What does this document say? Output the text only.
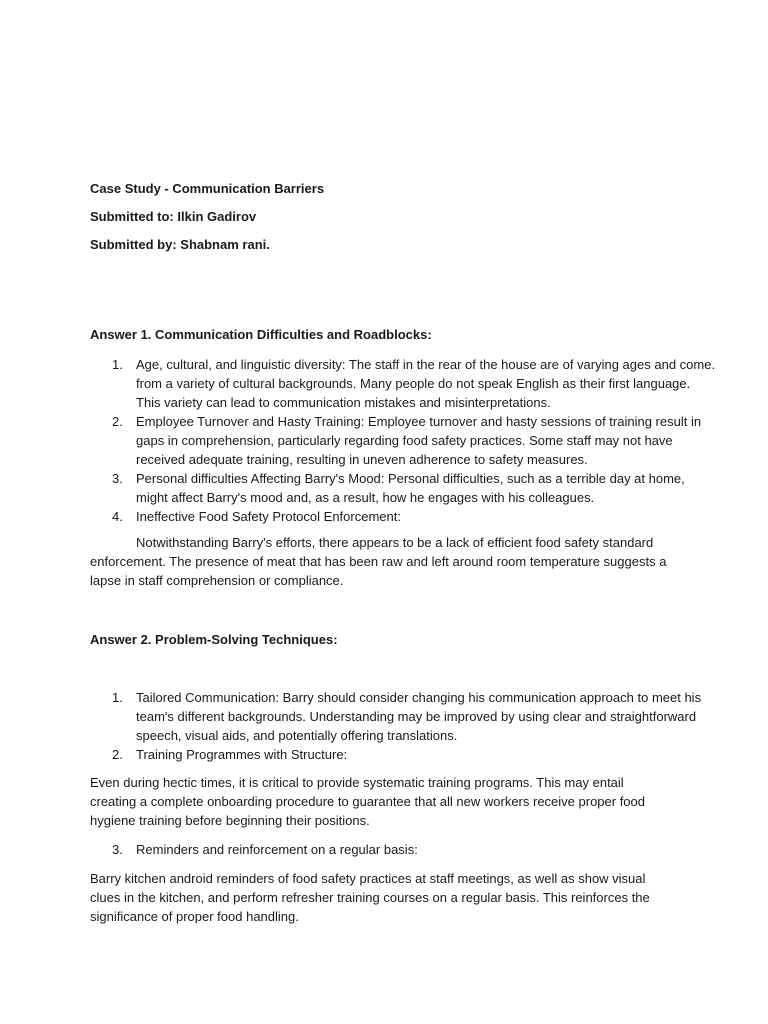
Case Study - Communication Barriers

Submitted to: Ilkin Gadirov

Submitted by: Shabnam rani.

Answer 1. Communication Difficulties and Roadblocks:

1.	Age, cultural, and linguistic diversity: The staff in the rear of the house are of varying ages and come. from a variety of cultural backgrounds. Many people do not speak English as their first language. This variety can lead to communication mistakes and misinterpretations.
2.	Employee Turnover and Hasty Training: Employee turnover and hasty sessions of training result in gaps in comprehension, particularly regarding food safety practices. Some staff may not have received adequate training, resulting in uneven adherence to safety measures.
3.	Personal difficulties Affecting Barry's Mood: Personal difficulties, such as a terrible day at home, might affect Barry's mood and, as a result, how he engages with his colleagues.
4.	Ineffective Food Safety Protocol Enforcement:

Notwithstanding Barry's efforts, there appears to be a lack of efficient food safety standard enforcement. The presence of meat that has been raw and left around room temperature suggests a lapse in staff comprehension or compliance.

Answer 2. Problem-Solving Techniques:

1.	Tailored Communication: Barry should consider changing his communication approach to meet his team's different backgrounds. Understanding may be improved by using clear and straightforward speech, visual aids, and potentially offering translations.
2.	Training Programmes with Structure:

Even during hectic times, it is critical to provide systematic training programs. This may entail creating a complete onboarding procedure to guarantee that all new workers receive proper food hygiene training before beginning their positions.

3.	Reminders and reinforcement on a regular basis:

Barry kitchen android reminders of food safety practices at staff meetings, as well as show visual clues in the kitchen, and perform refresher training courses on a regular basis. This reinforces the significance of proper food handling.
